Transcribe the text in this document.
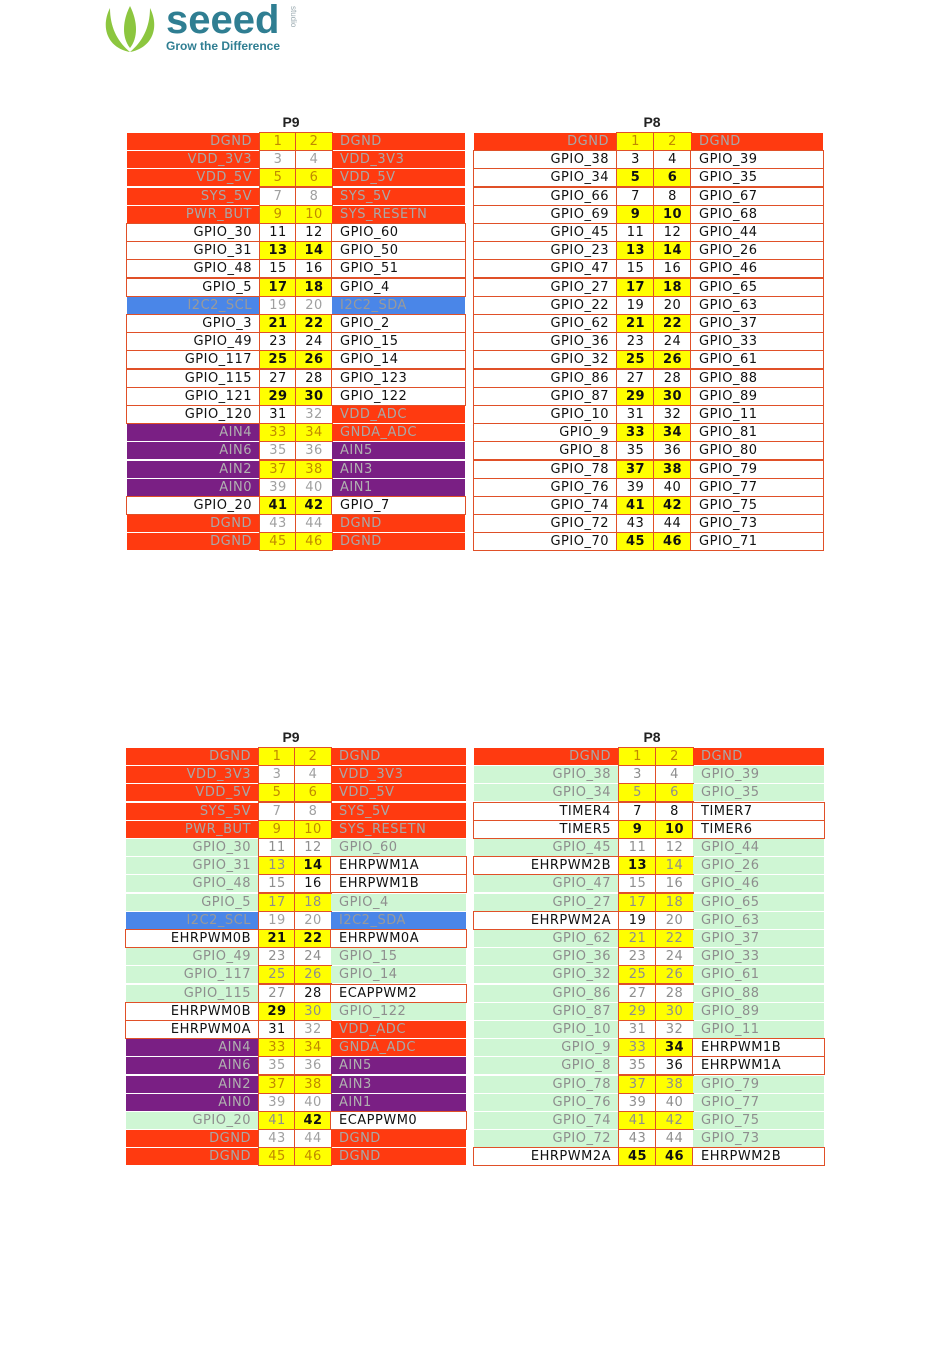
seeed
Grow the Difference
studio
P9
DGND	1	2	DGND
VDD_3V3	3	4	VDD_3V3
VDD_5V	5	6	VDD_5V
SYS_5V	7	8	SYS_5V
PWR_BUT	9	10	SYS_RESETN
GPIO_30	11	12	GPIO_60
GPIO_31	13	14	GPIO_50
GPIO_48	15	16	GPIO_51
GPIO_5	17	18	GPIO_4
I2C2_SCL	19	20	I2C2_SDA
GPIO_3	21	22	GPIO_2
GPIO_49	23	24	GPIO_15
GPIO_117	25	26	GPIO_14
GPIO_115	27	28	GPIO_123
GPIO_121	29	30	GPIO_122
GPIO_120	31	32	VDD_ADC
AIN4	33	34	GNDA_ADC
AIN6	35	36	AIN5
AIN2	37	38	AIN3
AIN0	39	40	AIN1
GPIO_20	41	42	GPIO_7
DGND	43	44	DGND
DGND	45	46	DGND
P8
DGND	1	2	DGND
GPIO_38	3	4	GPIO_39
GPIO_34	5	6	GPIO_35
GPIO_66	7	8	GPIO_67
GPIO_69	9	10	GPIO_68
GPIO_45	11	12	GPIO_44
GPIO_23	13	14	GPIO_26
GPIO_47	15	16	GPIO_46
GPIO_27	17	18	GPIO_65
GPIO_22	19	20	GPIO_63
GPIO_62	21	22	GPIO_37
GPIO_36	23	24	GPIO_33
GPIO_32	25	26	GPIO_61
GPIO_86	27	28	GPIO_88
GPIO_87	29	30	GPIO_89
GPIO_10	31	32	GPIO_11
GPIO_9	33	34	GPIO_81
GPIO_8	35	36	GPIO_80
GPIO_78	37	38	GPIO_79
GPIO_76	39	40	GPIO_77
GPIO_74	41	42	GPIO_75
GPIO_72	43	44	GPIO_73
GPIO_70	45	46	GPIO_71
P9
DGND	1	2	DGND
VDD_3V3	3	4	VDD_3V3
VDD_5V	5	6	VDD_5V
SYS_5V	7	8	SYS_5V
PWR_BUT	9	10	SYS_RESETN
GPIO_30	11	12	GPIO_60
GPIO_31	13	14	EHRPWM1A
GPIO_48	15	16	EHRPWM1B
GPIO_5	17	18	GPIO_4
I2C2_SCL	19	20	I2C2_SDA
EHRPWM0B	21	22	EHRPWM0A
GPIO_49	23	24	GPIO_15
GPIO_117	25	26	GPIO_14
GPIO_115	27	28	ECAPPWM2
EHRPWM0B	29	30	GPIO_122
EHRPWM0A	31	32	VDD_ADC
AIN4	33	34	GNDA_ADC
AIN6	35	36	AIN5
AIN2	37	38	AIN3
AIN0	39	40	AIN1
GPIO_20	41	42	ECAPPWM0
DGND	43	44	DGND
DGND	45	46	DGND
P8
DGND	1	2	DGND
GPIO_38	3	4	GPIO_39
GPIO_34	5	6	GPIO_35
TIMER4	7	8	TIMER7
TIMER5	9	10	TIMER6
GPIO_45	11	12	GPIO_44
EHRPWM2B	13	14	GPIO_26
GPIO_47	15	16	GPIO_46
GPIO_27	17	18	GPIO_65
EHRPWM2A	19	20	GPIO_63
GPIO_62	21	22	GPIO_37
GPIO_36	23	24	GPIO_33
GPIO_32	25	26	GPIO_61
GPIO_86	27	28	GPIO_88
GPIO_87	29	30	GPIO_89
GPIO_10	31	32	GPIO_11
GPIO_9	33	34	EHRPWM1B
GPIO_8	35	36	EHRPWM1A
GPIO_78	37	38	GPIO_79
GPIO_76	39	40	GPIO_77
GPIO_74	41	42	GPIO_75
GPIO_72	43	44	GPIO_73
EHRPWM2A	45	46	EHRPWM2B
